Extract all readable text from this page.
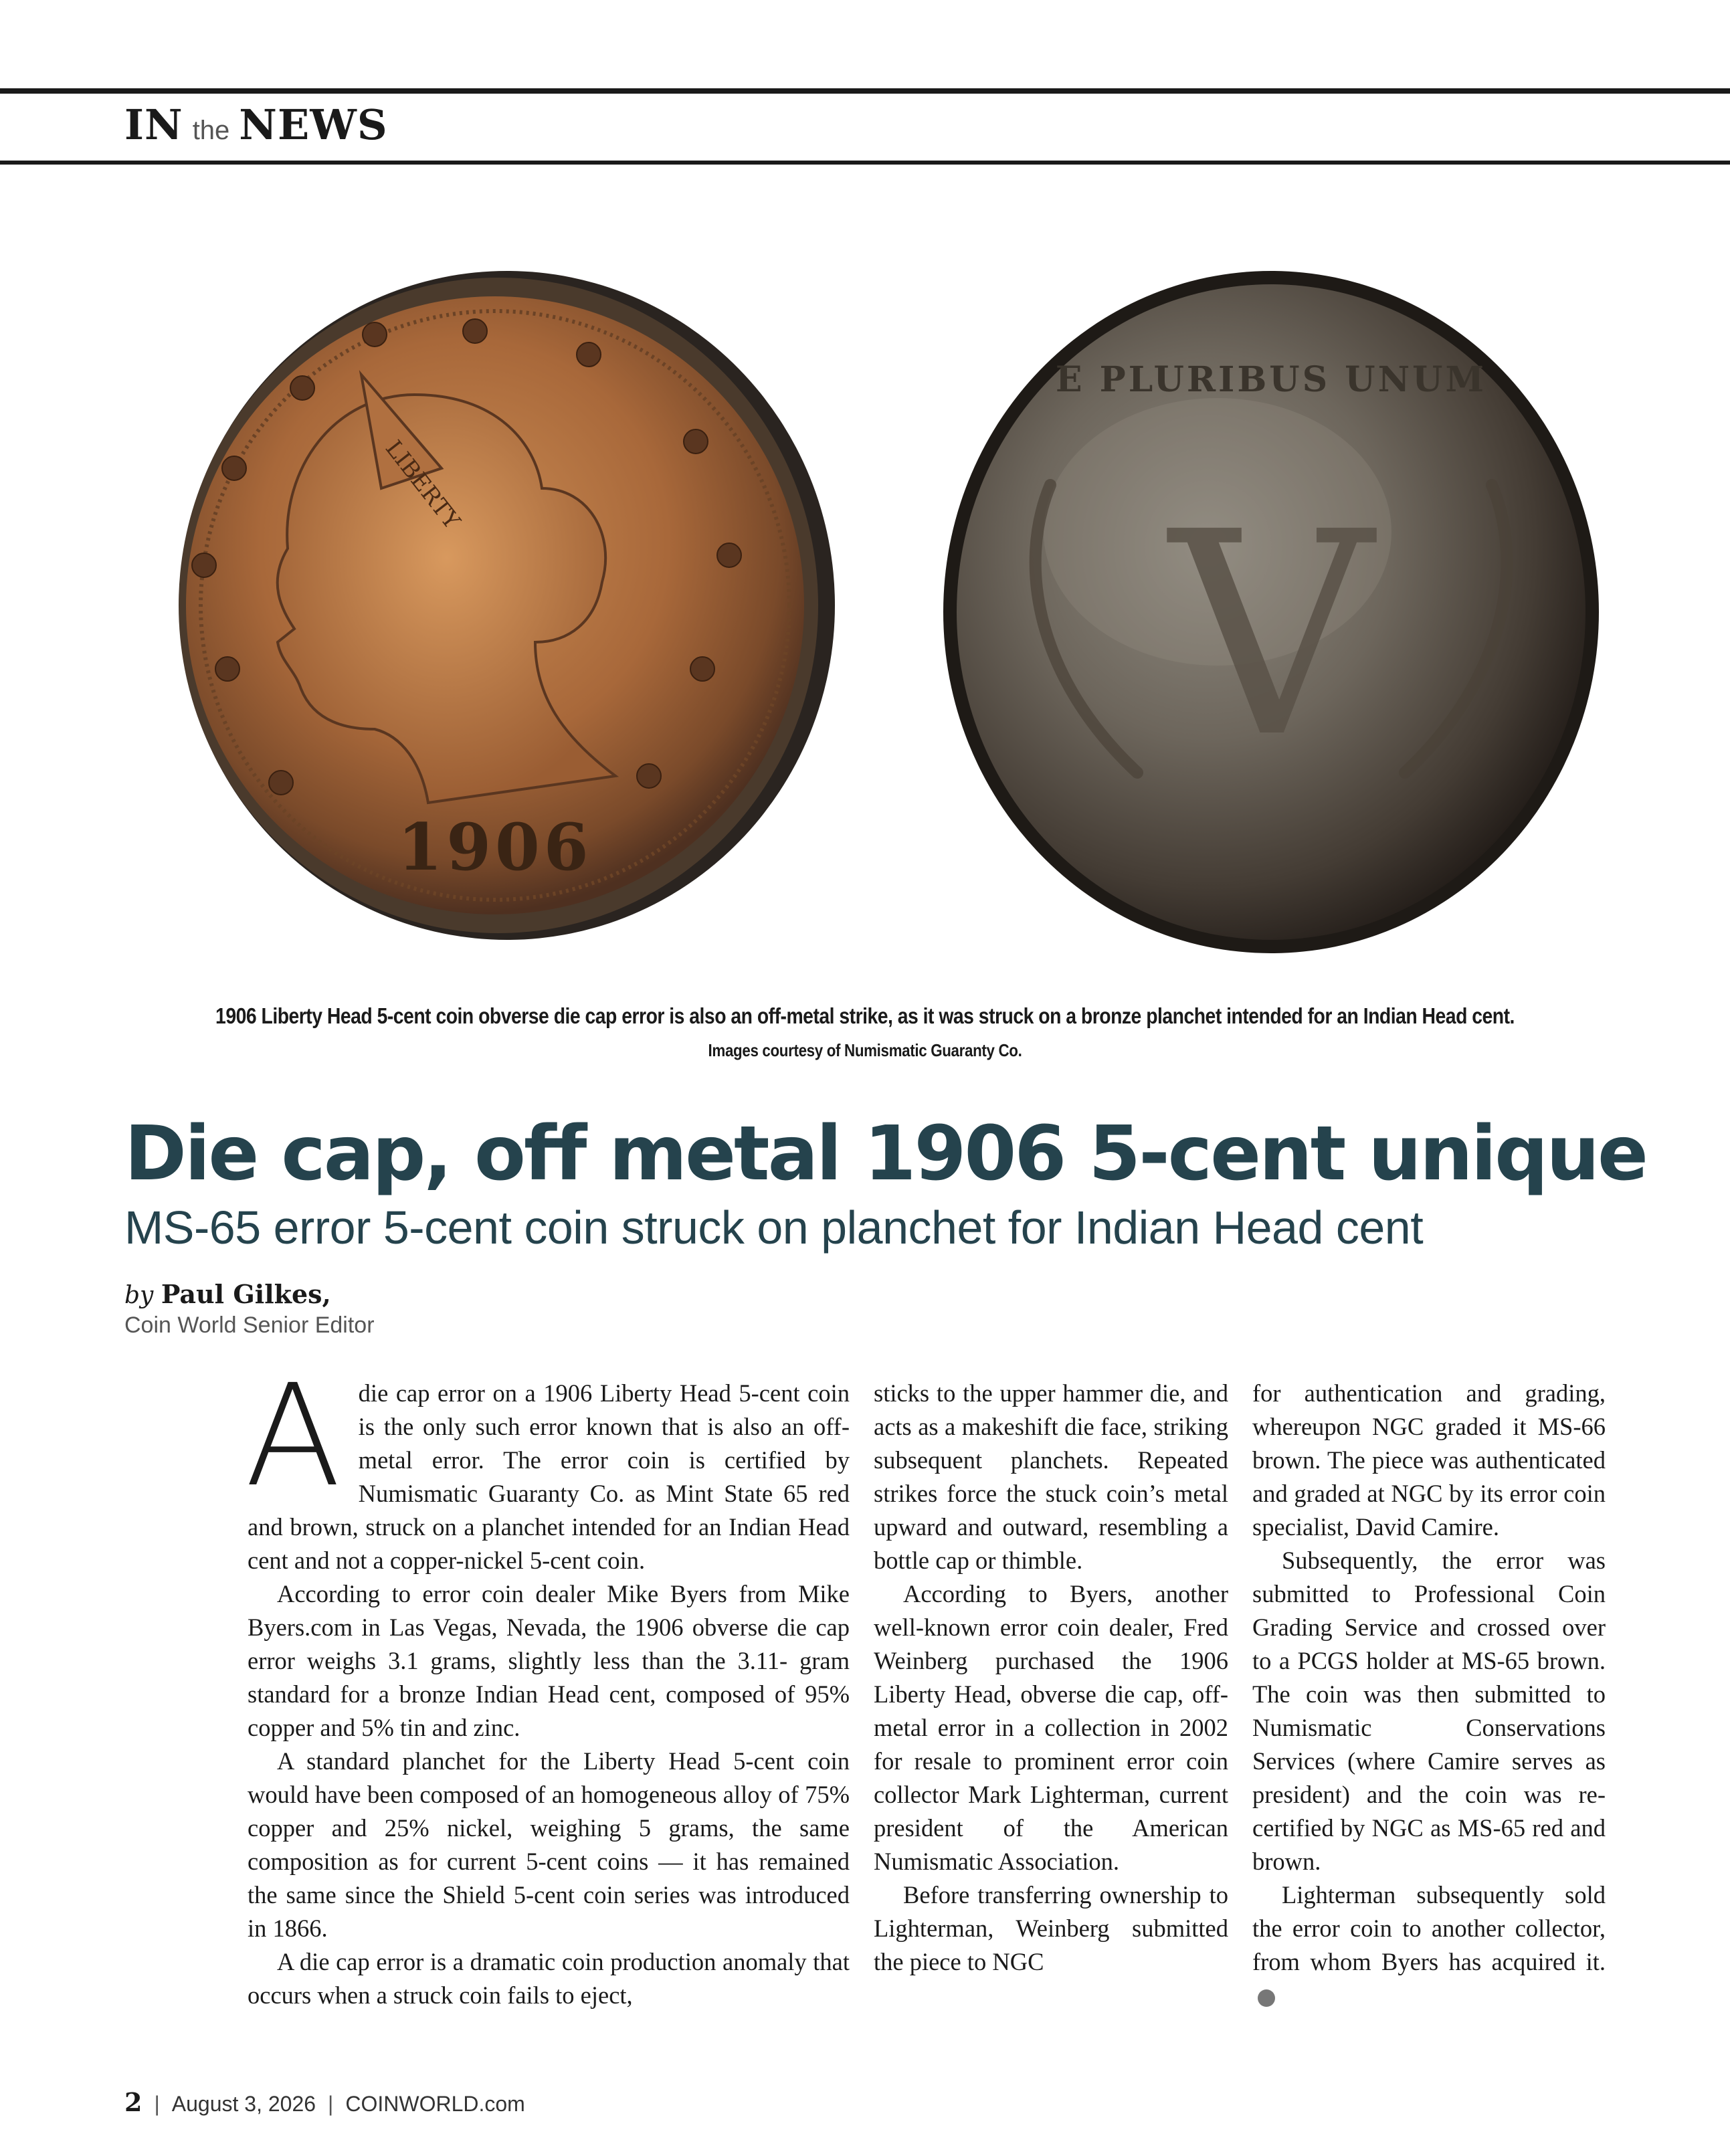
IN the NEWS
LIBERTY
1906
E PLURIBUS UNUM
V
1906 Liberty Head 5-cent coin obverse die cap error is also an off-metal strike, as it was struck on a bronze planchet intended for an Indian Head cent.
Images courtesy of Numismatic Guaranty Co.
Die cap, off metal 1906 5-cent unique
MS-65 error 5-cent coin struck on planchet for Indian Head cent
by Paul Gilkes,
Coin World Senior Editor

A die cap error on a 1906 Liberty Head 5-cent coin is the only such error known that is also an off-metal error. The error coin is certified by Numismatic Guaranty Co. as Mint State 65 red and brown, struck on a planchet intended for an Indian Head cent and not a copper-nickel 5-cent coin.

According to error coin dealer Mike Byers from Mike Byers.com in Las Vegas, Nevada, the 1906 obverse die cap error weighs 3.1 grams, slightly less than the 3.11- gram standard for a bronze Indian Head cent, composed of 95% copper and 5% tin and zinc.

A standard planchet for the Liberty Head 5-cent coin would have been composed of an homogeneous alloy of 75% copper and 25% nickel, weighing 5 grams, the same composition as for current 5-cent coins — it has remained the same since the Shield 5-cent coin series was introduced in 1866.

A die cap error is a dramatic coin production anomaly that occurs when a struck coin fails to eject,

sticks to the upper hammer die, and acts as a makeshift die face, striking subsequent planchets. Repeated strikes force the stuck coin’s metal upward and outward, resembling a bottle cap or thimble.

According to Byers, another well-known error coin dealer, Fred Weinberg purchased the 1906 Liberty Head, obverse die cap, off-metal error in a collection in 2002 for resale to prominent error coin collector Mark Lighterman, current president of the American Numismatic Association.

Before transferring ownership to Lighterman, Weinberg submitted the piece to NGC

for authentication and grading, whereupon NGC graded it MS-66 brown. The piece was authenticated and graded at NGC by its error coin specialist, David Camire.

Subsequently, the error was submitted to Professional Coin Grading Service and crossed over to a PCGS holder at MS-65 brown. The coin was then submitted to Numismatic Conservations Services (where Camire serves as president) and the coin was re-certified by NGC as MS-65 red and brown.

Lighterman subsequently sold the error coin to another collector, from whom Byers has acquired it.CW

2 | August 3, 2026 | COINWORLD.com
